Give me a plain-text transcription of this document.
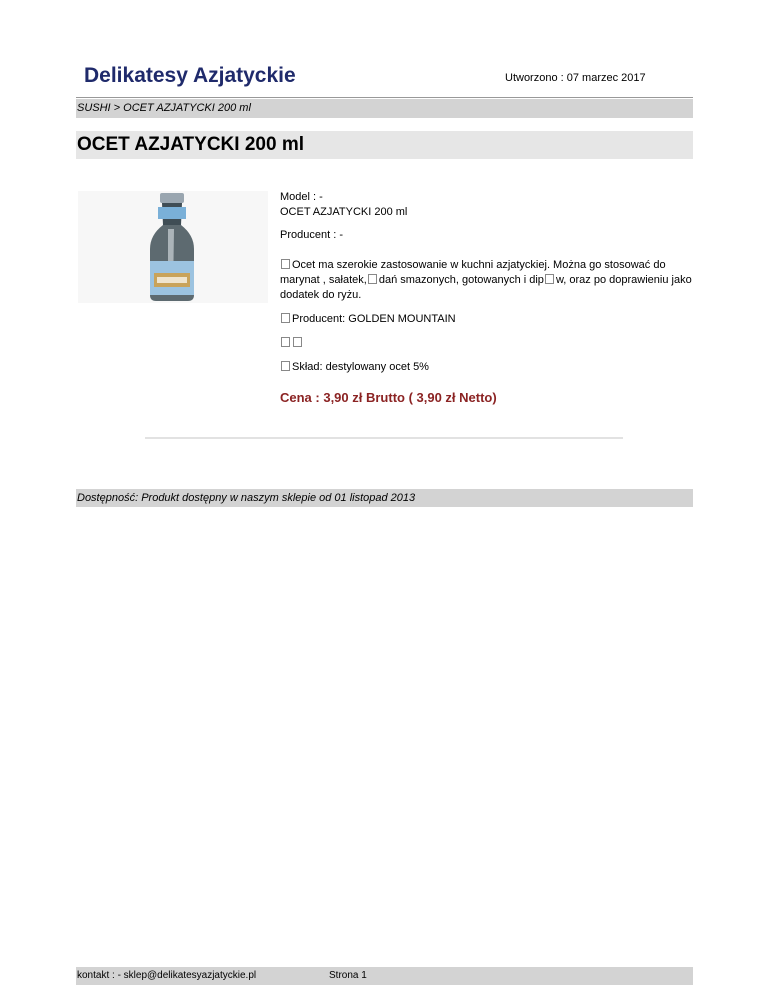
Delikatesy Azjatyckie	Utworzono : 07 marzec 2017
SUSHI > OCET AZJATYCKI 200 ml
OCET AZJATYCKI 200 ml

Model : -

OCET AZJATYCKI 200 ml

Producent : -

Ocet ma szerokie zastosowanie w kuchni azjatyckiej. Można go stosować do marynat , sałatek, dań smazonych, gotowanych i dip w, oraz po doprawieniu jako dodatek do ryżu.

Producent: GOLDEN MOUNTAIN

Skład: destylowany ocet 5%

Cena : 3,90 zł Brutto ( 3,90 zł Netto)
Dostępność: Produkt dostępny w naszym sklepie od 01 listopad 2013
kontakt : - sklep@delikatesyazjatyckie.pl	Strona 1
